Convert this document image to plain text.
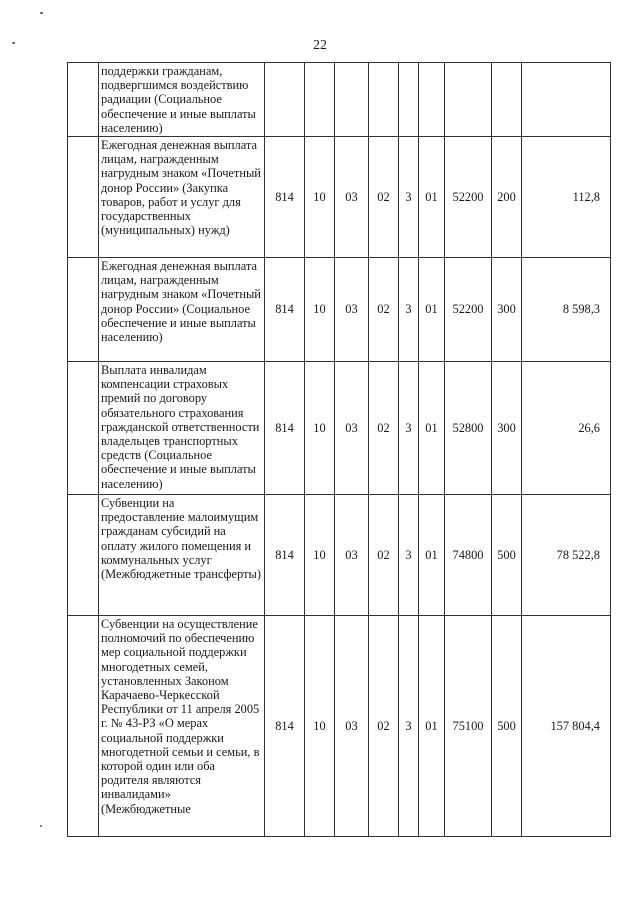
22
	поддержки гражданам, подвергшимся воздействию радиации (Социальное обеспечение и иные выплаты населению)									
	Ежегодная денежная выплата лицам, награжденным нагрудным знаком «Почетный донор России» (Закупка товаров, работ и услуг для государственных (муниципальных) нужд)	814	10	03	02	3	01	52200	200	112,8
	Ежегодная денежная выплата лицам, награжденным нагрудным знаком «Почетный донор России» (Социальное обеспечение и иные выплаты населению)	814	10	03	02	3	01	52200	300	8 598,3
	Выплата инвалидам компенсации страховых премий по договору обязательного страхования гражданской ответственности владельцев транспортных средств (Социальное обеспечение и иные выплаты населению)	814	10	03	02	3	01	52800	300	26,6
	Субвенции на предоставление малоимущим гражданам субсидий на оплату жилого помещения и коммунальных услуг (Межбюджетные трансферты)	814	10	03	02	3	01	74800	500	78 522,8
	Субвенции на осуществление полномочий по обеспечению мер социальной поддержки многодетных семей, установленных Законом Карачаево-Черкесской Республики от 11 апреля 2005 г. № 43-РЗ «О мерах социальной поддержки многодетной семьи и семьи, в которой один или оба родителя являются инвалидами» (Межбюджетные	814	10	03	02	3	01	75100	500	157 804,4
